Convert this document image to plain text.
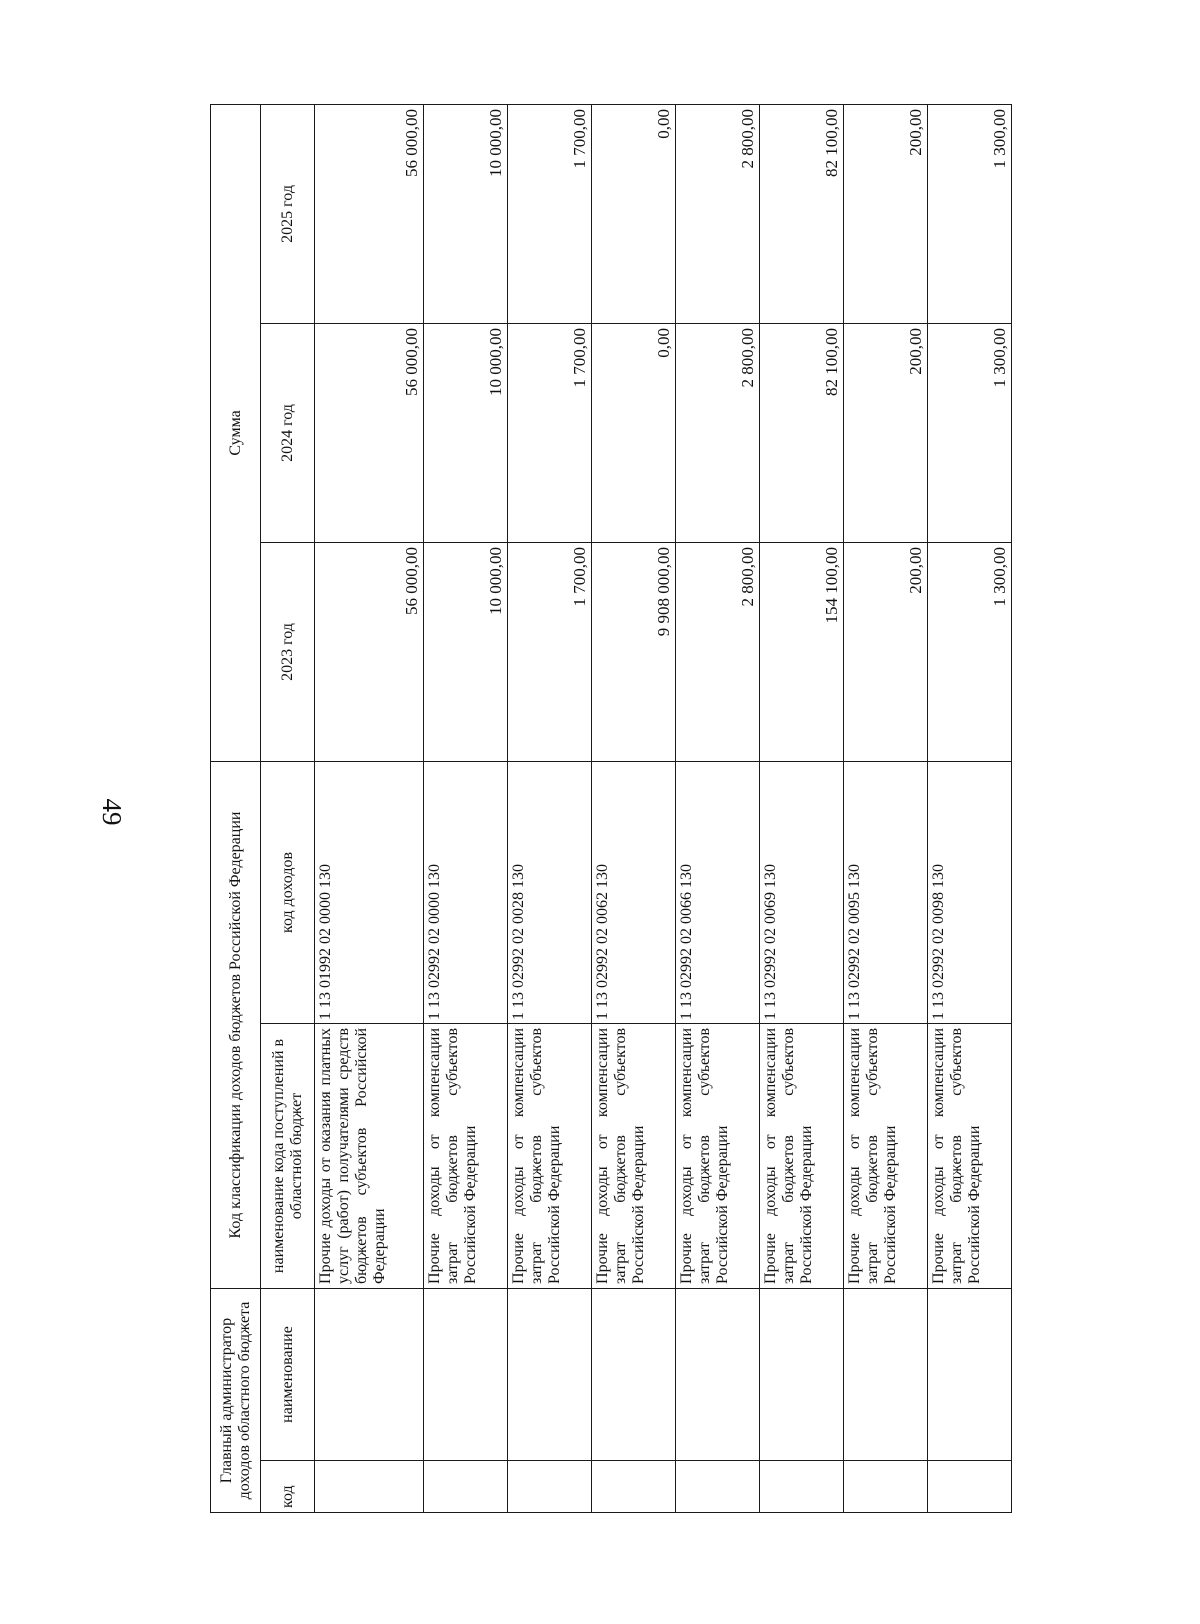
49
Главный администратор доходов областного бюджета		Код классификации доходов бюджетов Российской Федерации		Сумма		
код	наименование	наименование кода поступлений в областной бюджет	код доходов	2023 год	2024 год	2025 год
		Прочие доходы от оказания платных услуг (работ) получателями средств бюджетов субъектов Российской Федерации	1 13 01992 02 0000 130	56 000,00	56 000,00	56 000,00
		Прочие доходы от компенсации затрат бюджетов субъектов Российской Федерации	1 13 02992 02 0000 130	10 000,00	10 000,00	10 000,00
		Прочие доходы от компенсации затрат бюджетов субъектов Российской Федерации	1 13 02992 02 0028 130	1 700,00	1 700,00	1 700,00
		Прочие доходы от компенсации затрат бюджетов субъектов Российской Федерации	1 13 02992 02 0062 130	9 908 000,00	0,00	0,00
		Прочие доходы от компенсации затрат бюджетов субъектов Российской Федерации	1 13 02992 02 0066 130	2 800,00	2 800,00	2 800,00
		Прочие доходы от компенсации затрат бюджетов субъектов Российской Федерации	1 13 02992 02 0069 130	154 100,00	82 100,00	82 100,00
		Прочие доходы от компенсации затрат бюджетов субъектов Российской Федерации	1 13 02992 02 0095 130	200,00	200,00	200,00
		Прочие доходы от компенсации затрат бюджетов субъектов Российской Федерации	1 13 02992 02 0098 130	1 300,00	1 300,00	1 300,00
